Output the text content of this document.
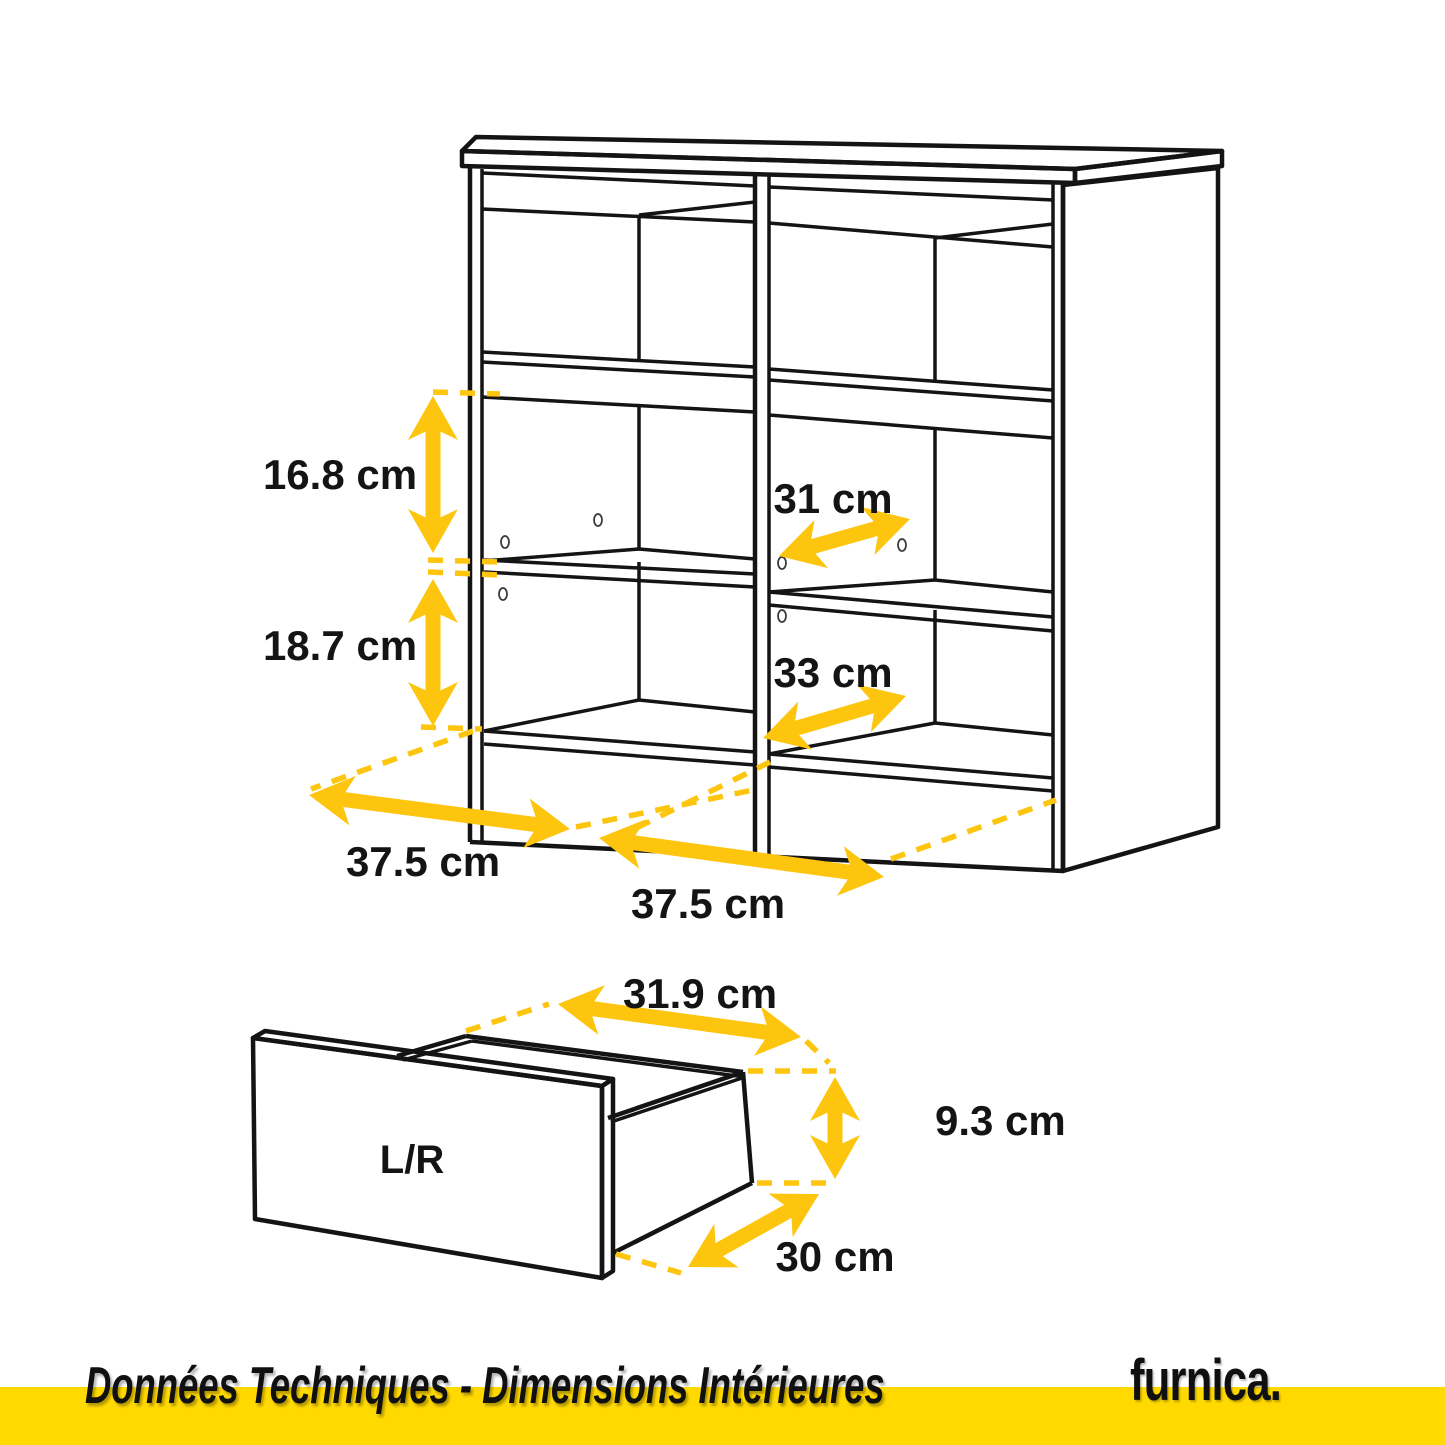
L/R
16.8 cm
18.7 cm
31 cm
33 cm
37.5 cm
37.5 cm
31.9 cm
9.3 cm
30 cm
Données Techniques - Dimensions Intérieures	furnica.
